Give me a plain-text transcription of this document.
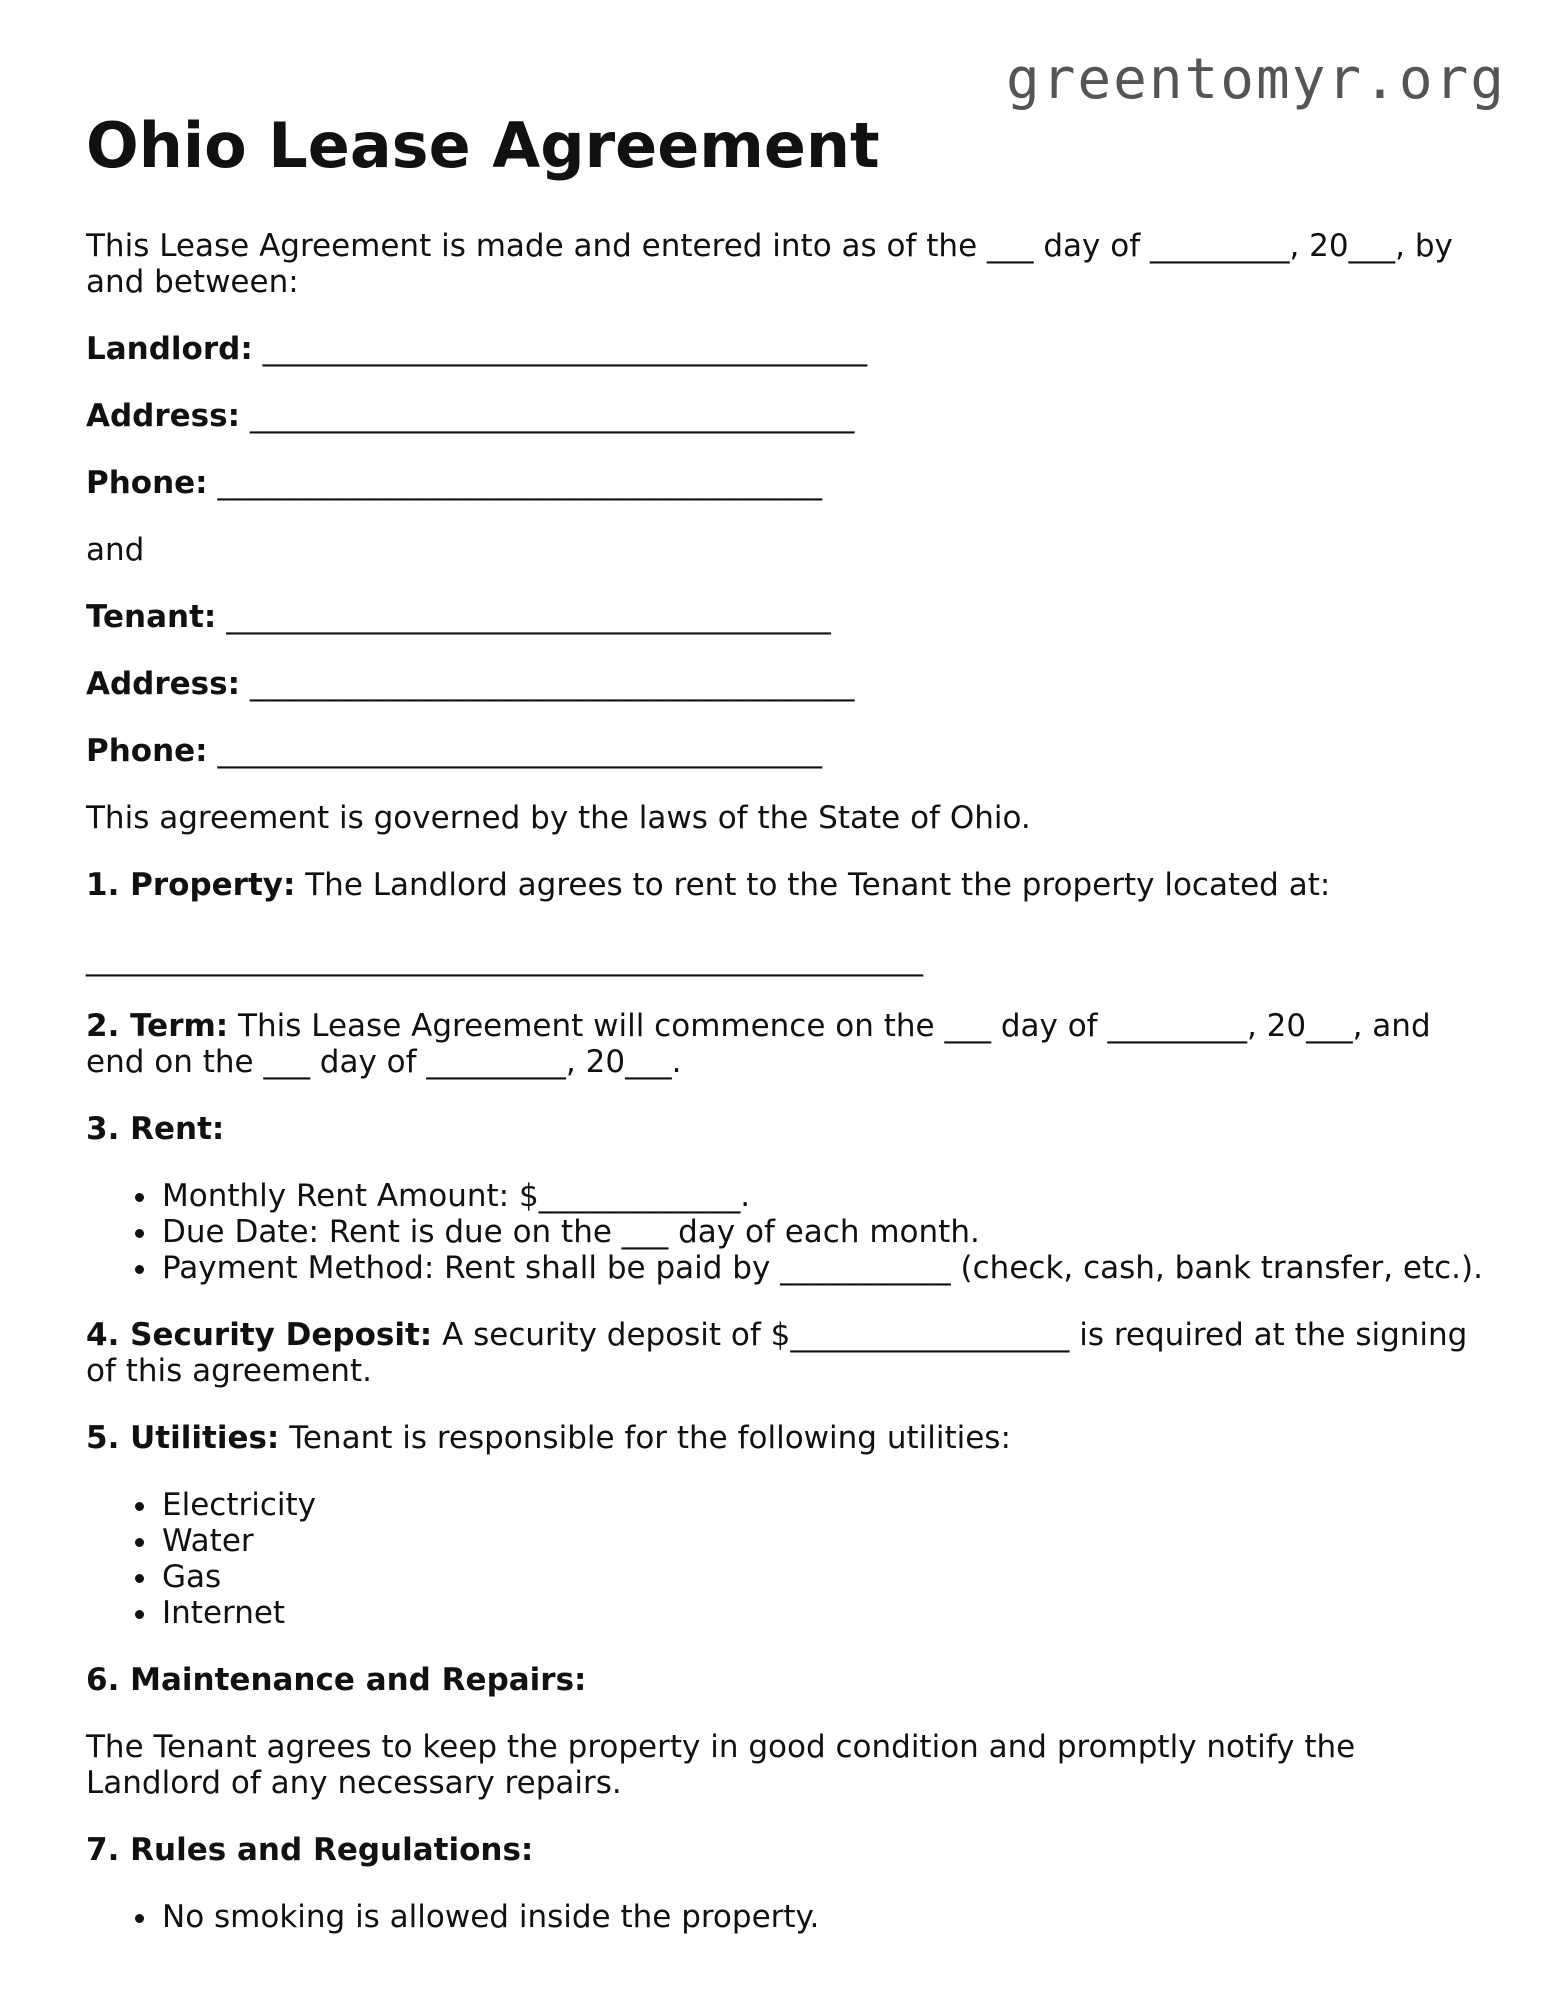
greentomyr.org
Ohio Lease Agreement

This Lease Agreement is made and entered into as of the ___ day of _________, 20___, by and between:

Landlord: _______________________________________
Address: _______________________________________
Phone: _______________________________________

and

Tenant: _______________________________________
Address: _______________________________________
Phone: _______________________________________

This agreement is governed by the laws of the State of Ohio.

1. Property: The Landlord agrees to rent to the Tenant the property located at:

______________________________________________________

2. Term: This Lease Agreement will commence on the ___ day of _________, 20___, and end on the ___ day of _________, 20___.

3. Rent:

• Monthly Rent Amount: $_____________.
• Due Date: Rent is due on the ___ day of each month.
• Payment Method: Rent shall be paid by ___________ (check, cash, bank transfer, etc.).

4. Security Deposit: A security deposit of $__________________ is required at the signing of this agreement.

5. Utilities: Tenant is responsible for the following utilities:

• Electricity
• Water
• Gas
• Internet

6. Maintenance and Repairs:

The Tenant agrees to keep the property in good condition and promptly notify the Landlord of any necessary repairs.

7. Rules and Regulations:

• No smoking is allowed inside the property.
